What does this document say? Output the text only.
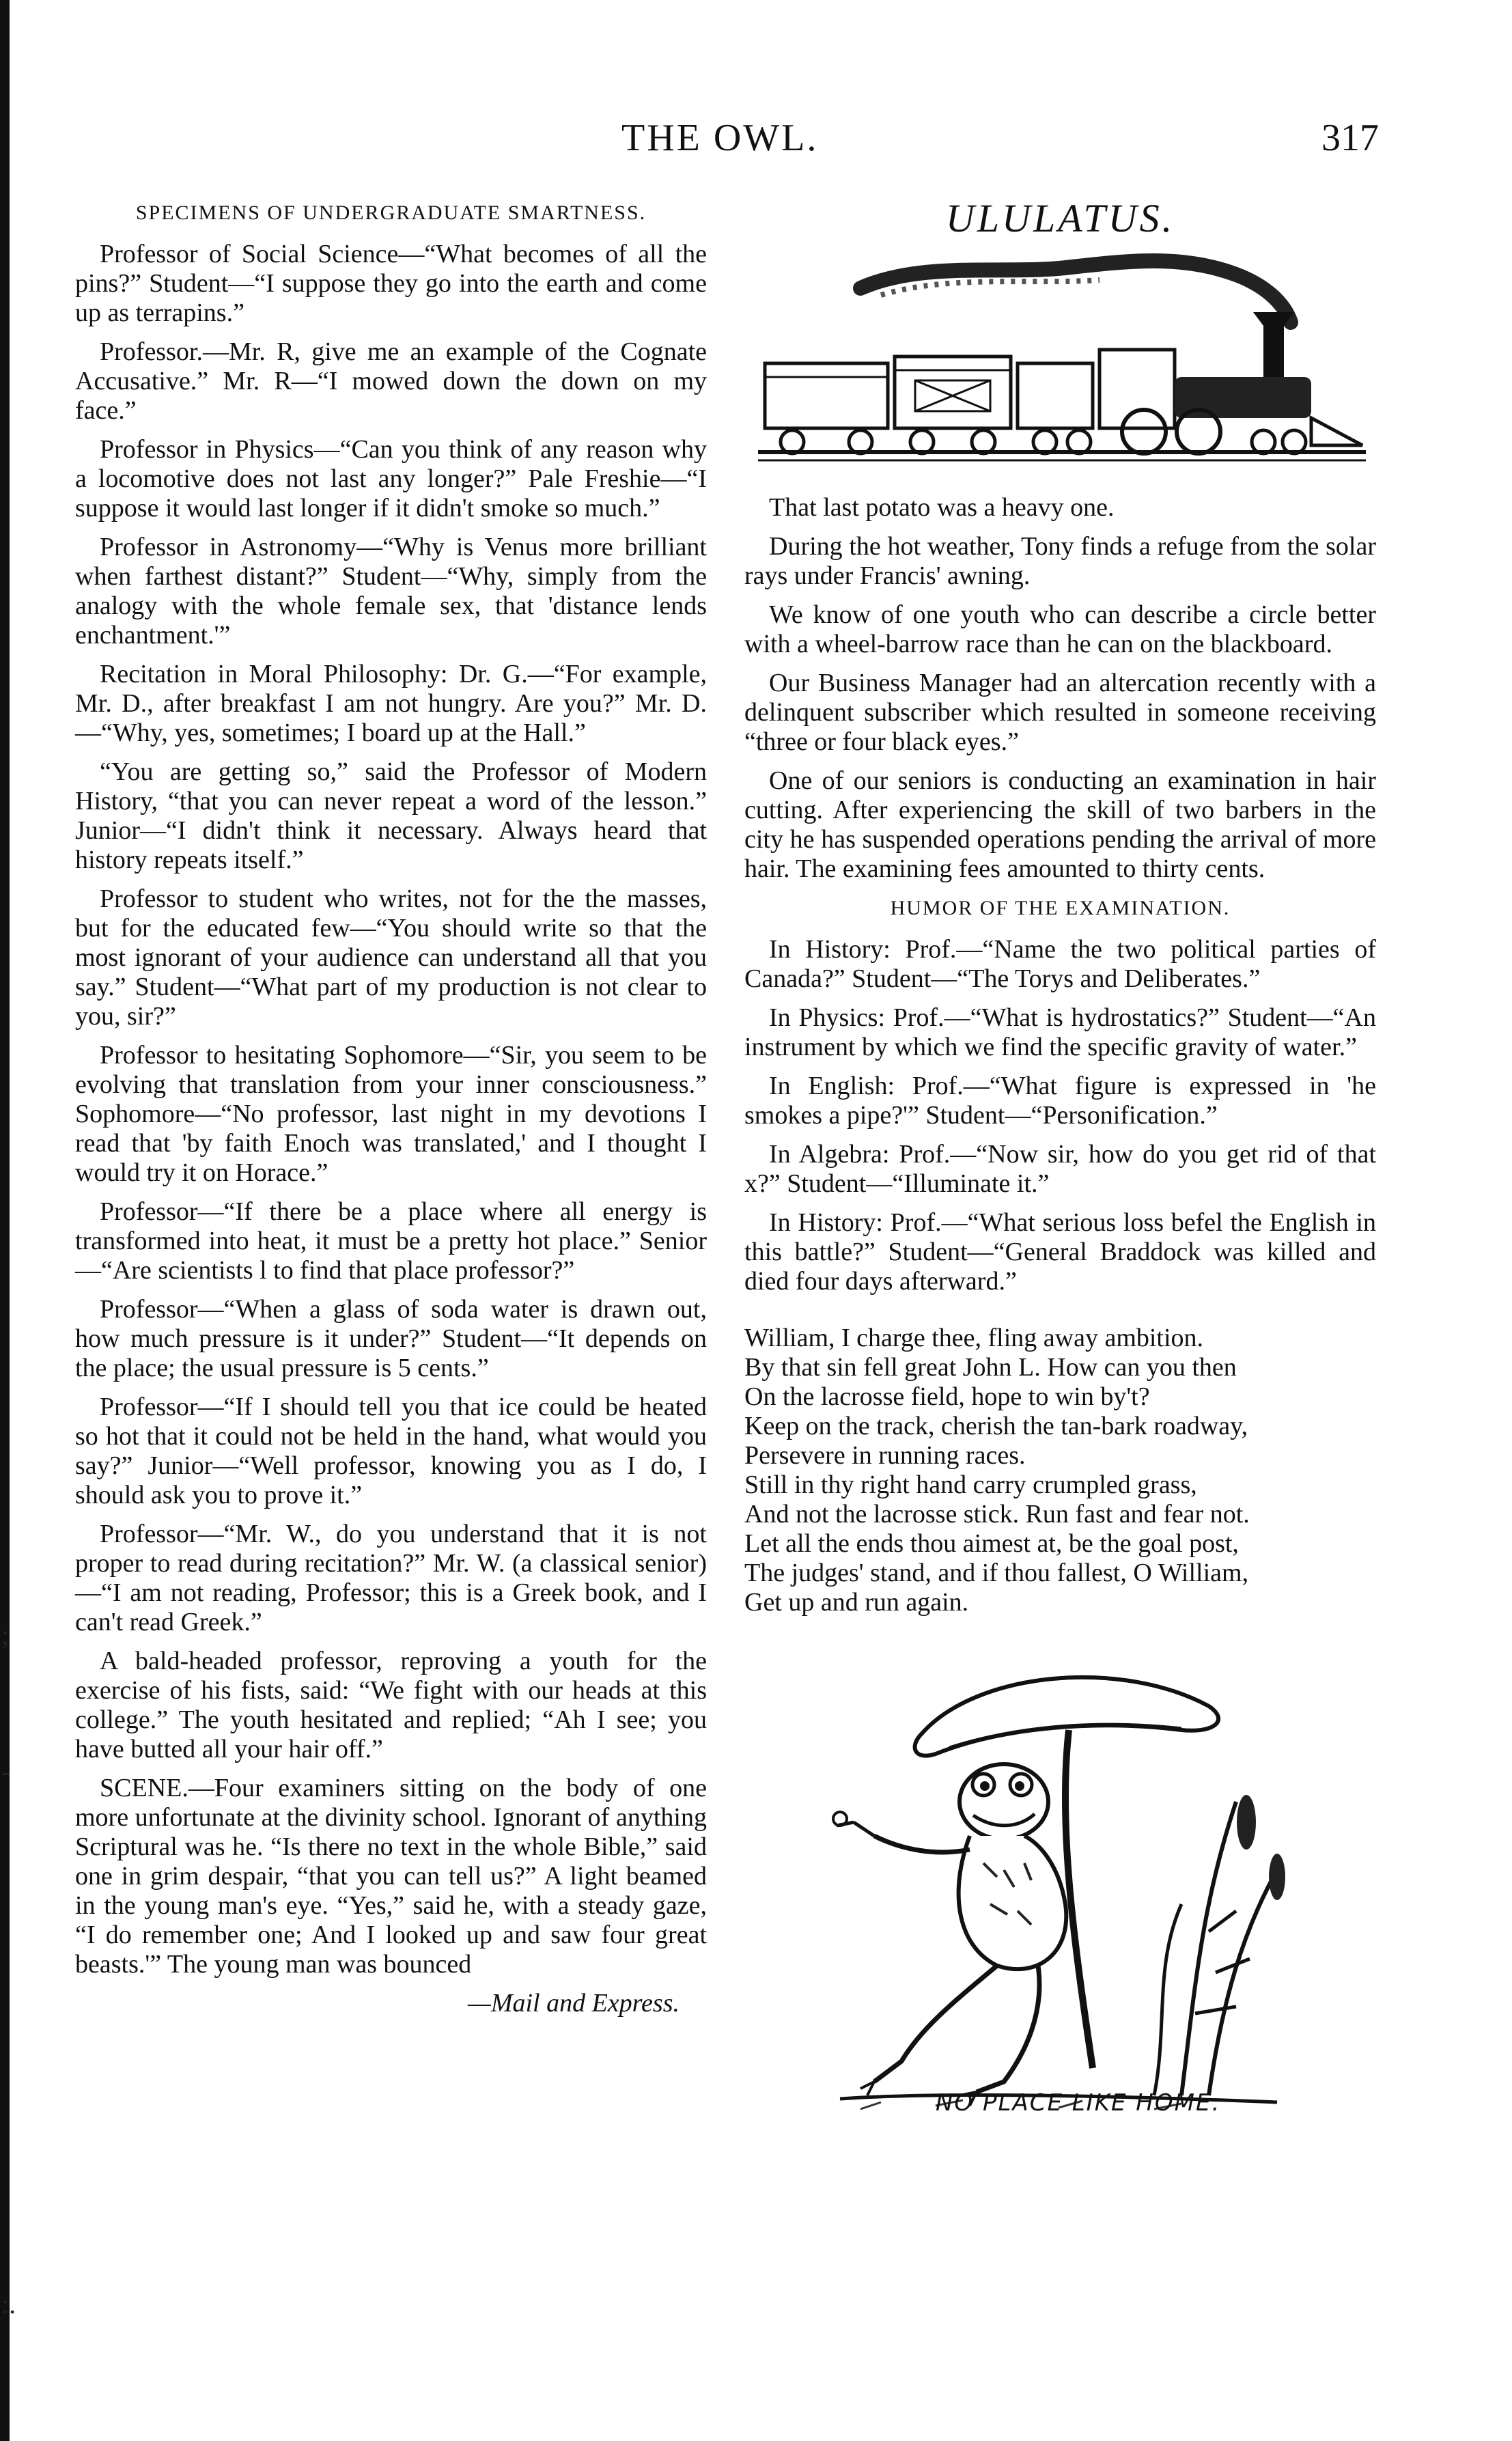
;
-
:.
THE OWL.	317

SPECIMENS OF UNDERGRADUATE SMARTNESS.

Professor of Social Science—“What becomes of all the pins?” Student—“I suppose they go into the earth and come up as terrapins.”

Professor.—Mr. R, give me an example of the Cognate Accusative.” Mr. R—“I mowed down the down on my face.”

Professor in Physics—“Can you think of any reason why a locomotive does not last any longer?” Pale Freshie—“I suppose it would last longer if it didn't smoke so much.”

Professor in Astronomy—“Why is Venus more brilliant when farthest distant?” Student—“Why, simply from the analogy with the whole female sex, that 'distance lends enchantment.'”

Recitation in Moral Philosophy: Dr. G.—“For example, Mr. D., after breakfast I am not hungry. Are you?” Mr. D.—“Why, yes, sometimes; I board up at the Hall.”

“You are getting so,” said the Professor of Modern History, “that you can never repeat a word of the lesson.” Junior—“I didn't think it necessary. Always heard that history repeats itself.”

Professor to student who writes, not for the the masses, but for the educated few—“You should write so that the most ignorant of your audience can understand all that you say.” Student—“What part of my production is not clear to you, sir?”

Professor to hesitating Sophomore—“Sir, you seem to be evolving that translation from your inner consciousness.” Sophomore—“No professor, last night in my devotions I read that 'by faith Enoch was translated,' and I thought I would try it on Horace.”

Professor—“If there be a place where all energy is transformed into heat, it must be a pretty hot place.” Senior—“Are scientists l to find that place professor?”

Professor—“When a glass of soda water is drawn out, how much pressure is it under?” Student—“It depends on the place; the usual pressure is 5 cents.”

Professor—“If I should tell you that ice could be heated so hot that it could not be held in the hand, what would you say?” Junior—“Well professor, knowing you as I do, I should ask you to prove it.”

Professor—“Mr. W., do you understand that it is not proper to read during recitation?” Mr. W. (a classical senior)—“I am not reading, Professor; this is a Greek book, and I can't read Greek.”

A bald-headed professor, reproving a youth for the exercise of his fists, said: “We fight with our heads at this college.” The youth hesitated and replied; “Ah I see; you have butted all your hair off.”

SCENE.—Four examiners sitting on the body of one more unfortunate at the divinity school. Ignorant of anything Scriptural was he. “Is there no text in the whole Bible,” said one in grim despair, “that you can tell us?” A light beamed in the young man's eye. “Yes,” said he, with a steady gaze, “I do remember one; And I looked up and saw four great beasts.'” The young man was bounced

—Mail and Express.

ULULATUS.

That last potato was a heavy one.

During the hot weather, Tony finds a refuge from the solar rays under Francis' awning.

We know of one youth who can describe a circle better with a wheel-barrow race than he can on the blackboard.

Our Business Manager had an altercation recently with a delinquent subscriber which resulted in someone receiving “three or four black eyes.”

One of our seniors is conducting an examination in hair cutting. After experiencing the skill of two barbers in the city he has suspended operations pending the arrival of more hair. The examining fees amounted to thirty cents.

HUMOR OF THE EXAMINATION.

In History: Prof.—“Name the two political parties of Canada?” Student—“The Torys and Deliberates.”

In Physics: Prof.—“What is hydrostatics?” Student—“An instrument by which we find the specific gravity of water.”

In English: Prof.—“What figure is expressed in 'he smokes a pipe?'” Student—“Personification.”

In Algebra: Prof.—“Now sir, how do you get rid of that x?” Student—“Illuminate it.”

In History: Prof.—“What serious loss befel the English in this battle?” Student—“General Braddock was killed and died four days afterward.”

William, I charge thee, fling away ambition.
By that sin fell great John L. How can you then
On the lacrosse field, hope to win by't?
Keep on the track, cherish the tan-bark roadway,
Persevere in running races.
Still in thy right hand carry crumpled grass,
And not the lacrosse stick. Run fast and fear not.
Let all the ends thou aimest at, be the goal post,
The judges' stand, and if thou fallest, O William,
Get up and run again.
NO PLACE LIKE HOME.
